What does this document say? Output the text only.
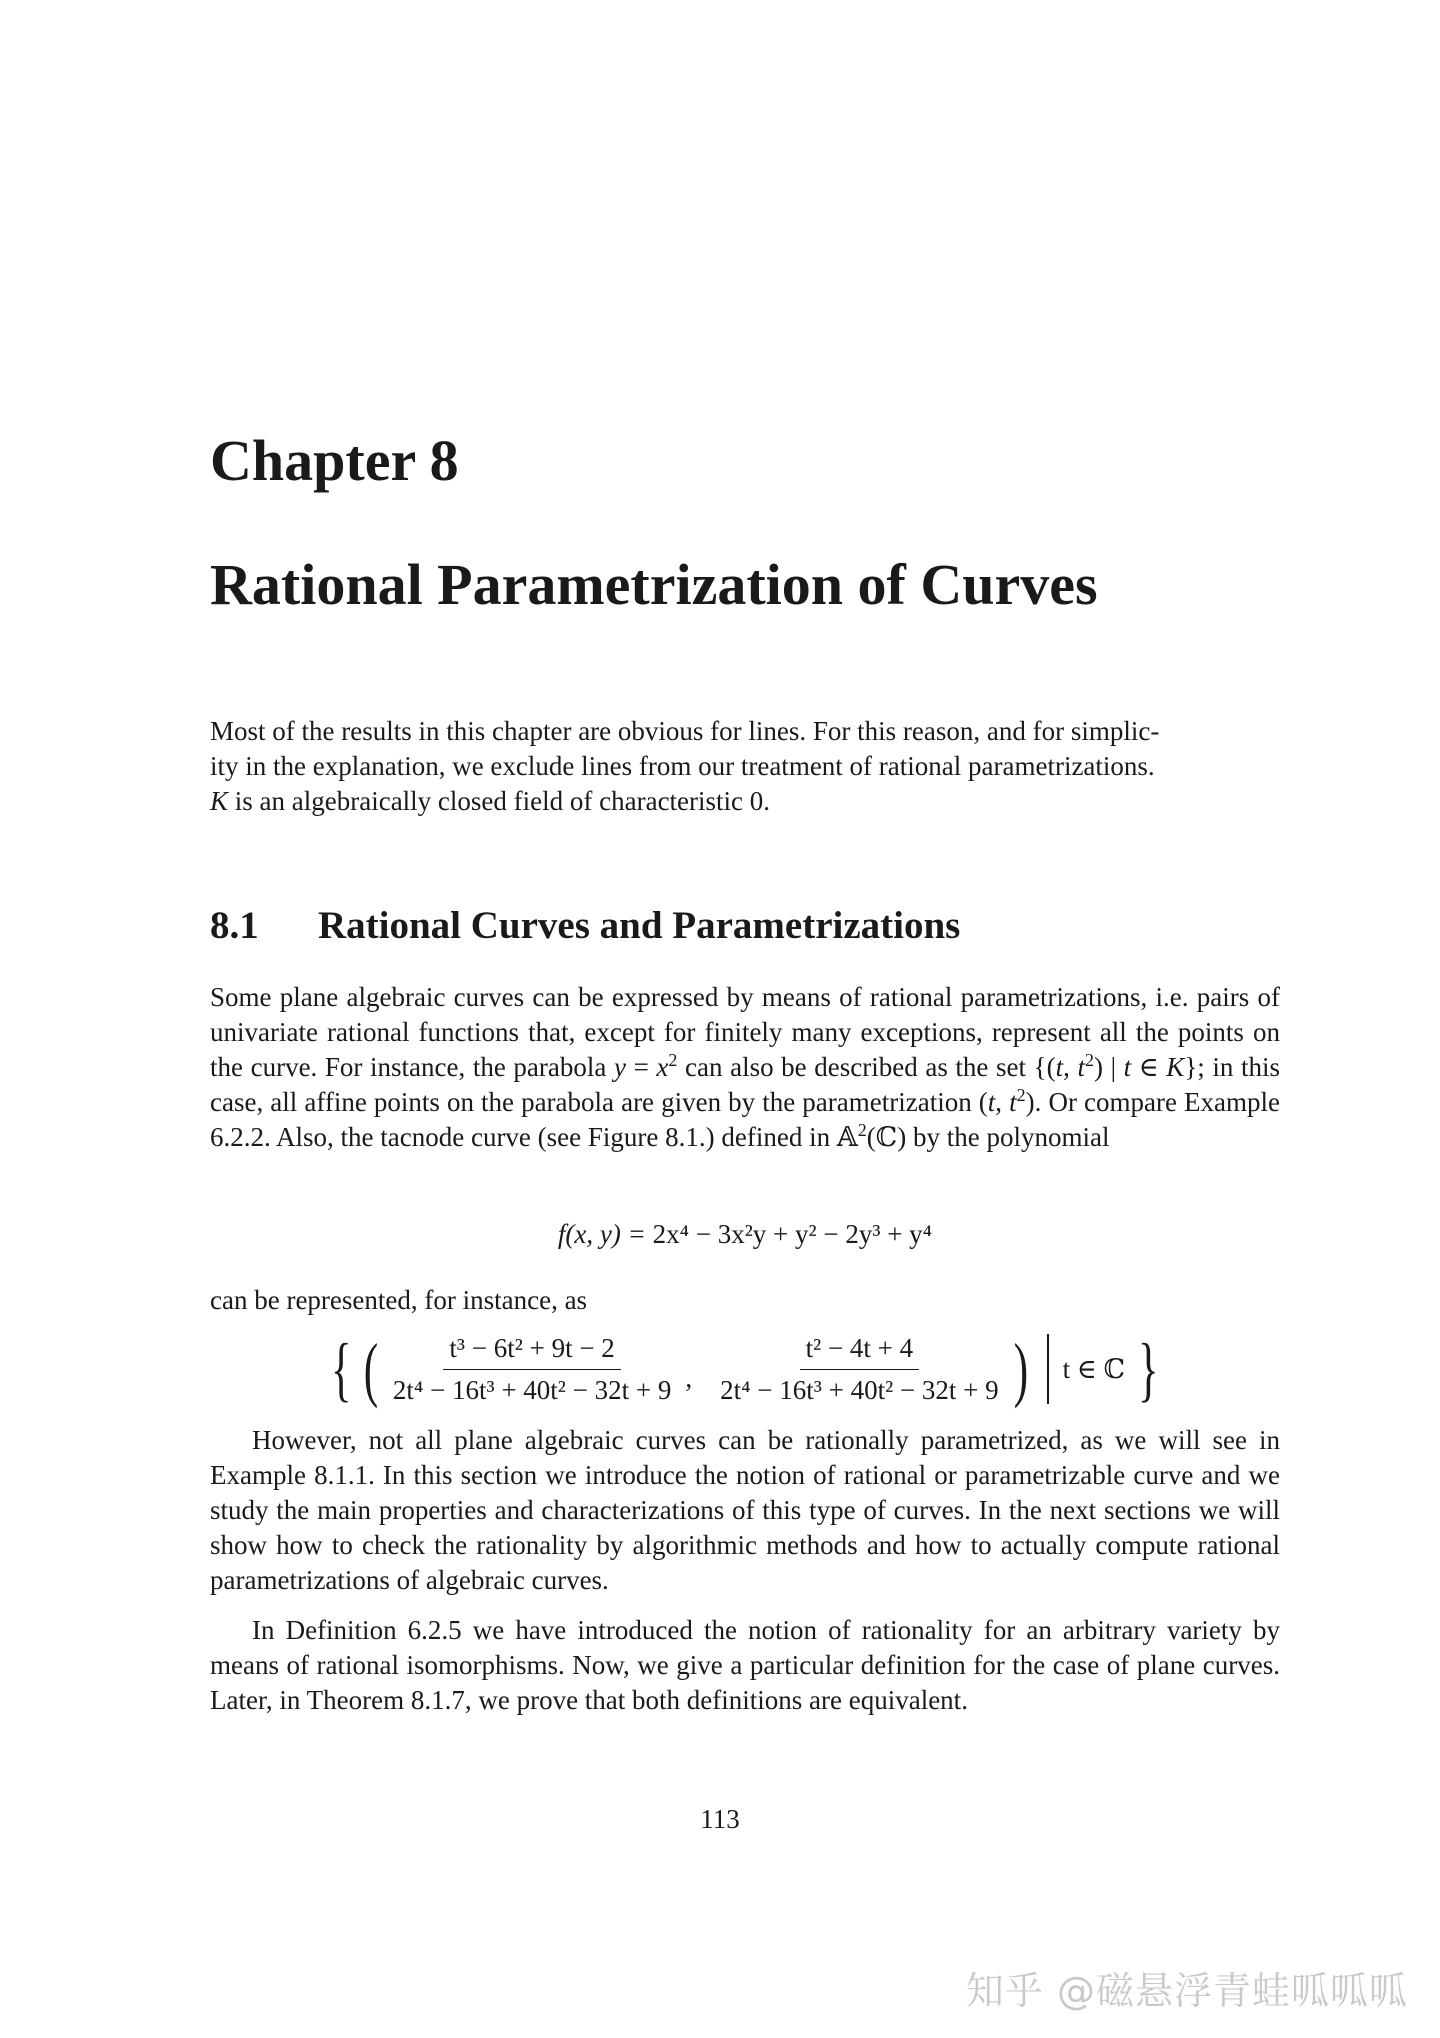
Chapter 8
Rational Parametrization of Curves

Most of the results in this chapter are obvious for lines. For this reason, and for simplic-
ity in the explanation, we exclude lines from our treatment of rational parametrizations.
K is an algebraically closed field of characteristic 0.

8.1 Rational Curves and Parametrizations

Some plane algebraic curves can be expressed by means of rational parametrizations, i.e. pairs of univariate rational functions that, except for finitely many exceptions, represent all the points on the curve. For instance, the parabola $y = x^2$ can also be described as the set {(t, $t^2$) | t ∈ K}; in this case, all affine points on the parabola are given by the parametrization (t, $t^2$). Or compare Example 6.2.2. Also, the tacnode curve (see Figure 8.1.) defined in 𝔸$^2$(ℂ) by the polynomial

f(x, y) = 2x⁴ − 3x²y + y² − 2y³ + y⁴

can be represented, for instance, as

{ ( $\frac{\text{t³ − 6t² + 9t − 2}}{\text{2t⁴ − 16t³ + 40t² − 32t + 9}}$ , $\frac{\text{t² − 4t + 4}}{\text{2t⁴ − 16t³ + 40t² − 32t + 9}}$ ) t ∈ ℂ }

However, not all plane algebraic curves can be rationally parametrized, as we will see in Example 8.1.1. In this section we introduce the notion of rational or parametrizable curve and we study the main properties and characterizations of this type of curves. In the next sections we will show how to check the rationality by algorithmic methods and how to actually compute rational parametrizations of algebraic curves.

In Definition 6.2.5 we have introduced the notion of rationality for an arbitrary variety by means of rational isomorphisms. Now, we give a particular definition for the case of plane curves. Later, in Theorem 8.1.7, we prove that both definitions are equivalent.

113
知乎 @磁悬浮青蛙呱呱呱
